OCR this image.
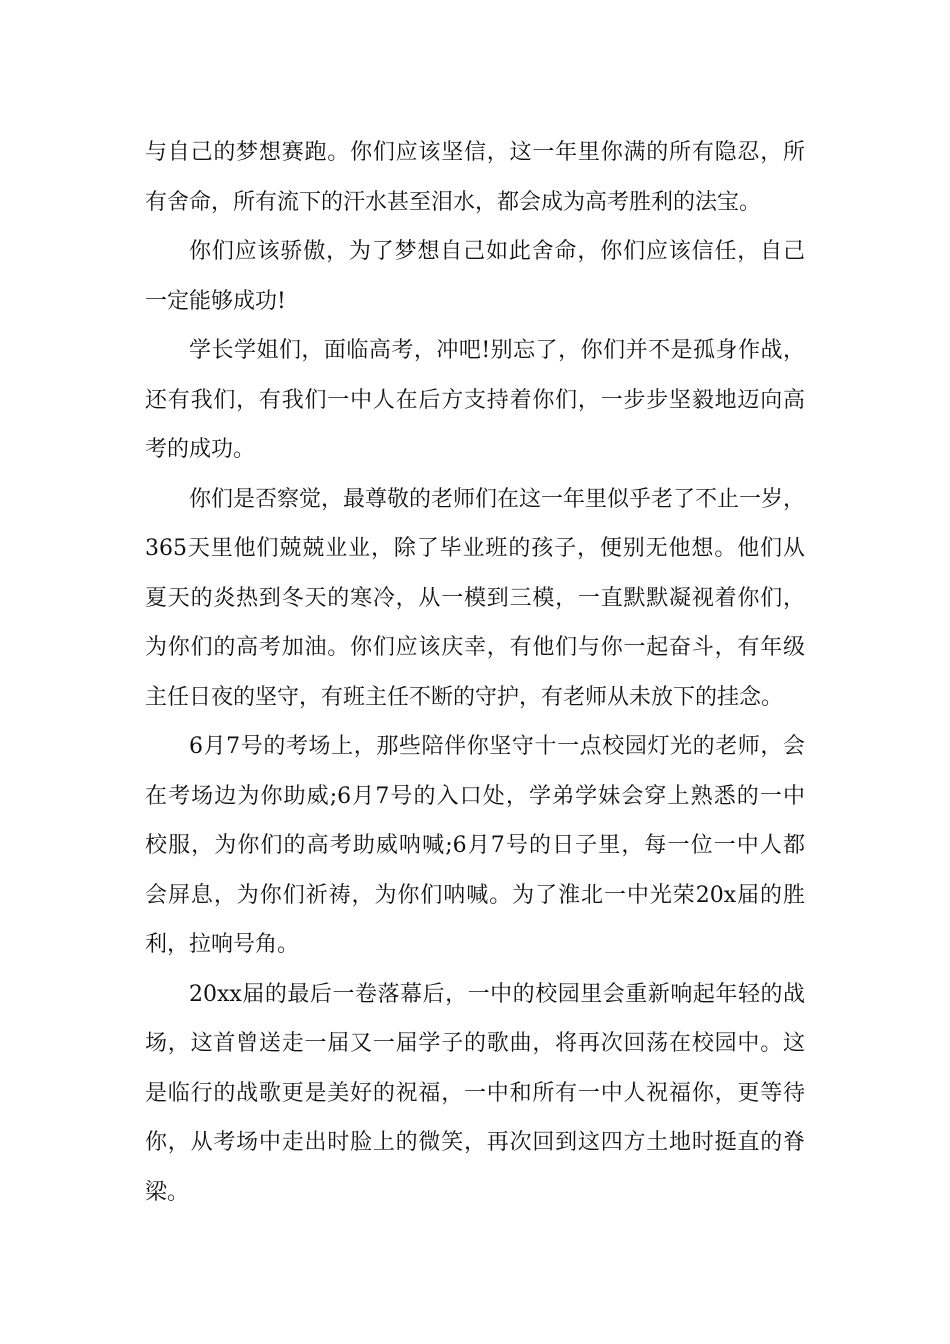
与自己的梦想赛跑。你们应该坚信，这一年里你满的所有隐忍，所
有舍命，所有流下的汗水甚至泪水，都会成为高考胜利的法宝。
你们应该骄傲，为了梦想自己如此舍命，你们应该信任，自己
一定能够成功!
学长学姐们，面临高考，冲吧!别忘了，你们并不是孤身作战，
还有我们，有我们一中人在后方支持着你们，一步步坚毅地迈向高
考的成功。
你们是否察觉，最尊敬的老师们在这一年里似乎老了不止一岁，
365天里他们兢兢业业，除了毕业班的孩子，便别无他想。他们从
夏天的炎热到冬天的寒冷，从一模到三模，一直默默凝视着你们，
为你们的高考加油。你们应该庆幸，有他们与你一起奋斗，有年级
主任日夜的坚守，有班主任不断的守护，有老师从未放下的挂念。
6月7号的考场上，那些陪伴你坚守十一点校园灯光的老师，会
在考场边为你助威;6月7号的入口处，学弟学妹会穿上熟悉的一中
校服，为你们的高考助威呐喊;6月7号的日子里，每一位一中人都
会屏息，为你们祈祷，为你们呐喊。为了淮北一中光荣20x届的胜
利，拉响号角。
20xx届的最后一卷落幕后，一中的校园里会重新响起年轻的战
场，这首曾送走一届又一届学子的歌曲，将再次回荡在校园中。这
是临行的战歌更是美好的祝福，一中和所有一中人祝福你，更等待
你，从考场中走出时脸上的微笑，再次回到这四方土地时挺直的脊
梁。
